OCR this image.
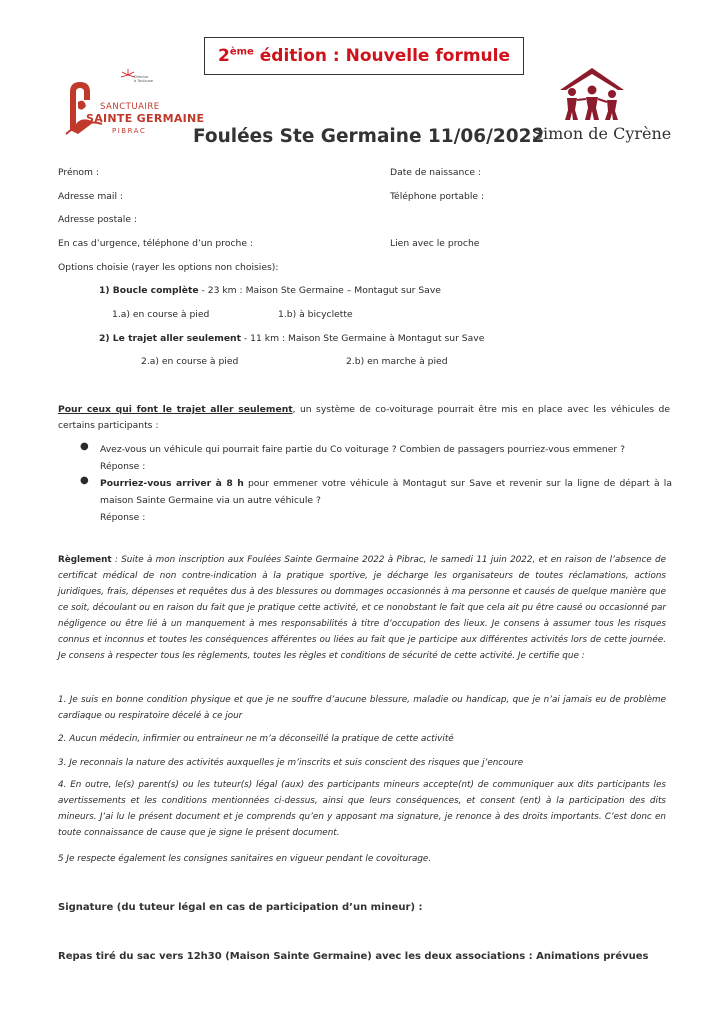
2ème édition : Nouvelle formule
Director
à Toulouse
SANCTUAIRE
SAINTE GERMAINE
PIBRAC	Foulées Ste Germaine 11/06/2022
Simon de Cyrène
Prénom :	Date de naissance :
Adresse mail :	Téléphone portable :
Adresse postale :
En cas d’urgence, téléphone d’un proche :	Lien avec le proche
Options choisie (rayer les options non choisies):
1) Boucle complète - 23 km : Maison Ste Germaine – Montagut sur Save
1.a) en course à pied	1.b) à bicyclette
2) Le trajet aller seulement - 11 km : Maison Ste Germaine à Montagut sur Save
2.a) en course à pied	2.b) en marche à pied
Pour ceux qui font le trajet aller seulement, un système de co-voiturage pourrait être mis en place avec les véhicules de certains participants :
● Avez-vous un véhicule qui pourrait faire partie du Co voiturage ? Combien de passagers pourriez-vous emmener ?
Réponse :
● Pourriez-vous arriver à 8 h pour emmener votre véhicule à Montagut sur Save et revenir sur la ligne de départ à la maison Sainte Germaine via un autre véhicule ?
Réponse :
Règlement : Suite à mon inscription aux Foulées Sainte Germaine 2022 à Pibrac, le samedi 11 juin 2022, et en raison de l’absence de certificat médical de non contre-indication à la pratique sportive, je décharge les organisateurs de toutes réclamations, actions juridiques, frais, dépenses et requêtes dus à des blessures ou dommages occasionnés à ma personne et causés de quelque manière que ce soit, découlant ou en raison du fait que je pratique cette activité, et ce nonobstant le fait que cela ait pu être causé ou occasionné par négligence ou être lié à un manquement à mes responsabilités à titre d’occupation des lieux. Je consens à assumer tous les risques connus et inconnus et toutes les conséquences afférentes ou liées au fait que je participe aux différentes activités lors de cette journée. Je consens à respecter tous les règlements, toutes les règles et conditions de sécurité de cette activité. Je certifie que :
1. Je suis en bonne condition physique et que je ne souffre d’aucune blessure, maladie ou handicap, que je n’ai jamais eu de problème cardiaque ou respiratoire décelé à ce jour
2. Aucun médecin, infirmier ou entraineur ne m’a déconseillé la pratique de cette activité
3. Je reconnais la nature des activités auxquelles je m’inscrits et suis conscient des risques que j’encoure
4. En outre, le(s) parent(s) ou les tuteur(s) légal (aux) des participants mineurs accepte(nt) de communiquer aux dits participants les avertissements et les conditions mentionnées ci-dessus, ainsi que leurs conséquences, et consent (ent) à la participation des dits mineurs. J’ai lu le présent document et je comprends qu’en y apposant ma signature, je renonce à des droits importants. C’est donc en toute connaissance de cause que je signe le présent document.
5 Je respecte également les consignes sanitaires en vigueur pendant le covoiturage.
Signature (du tuteur légal en cas de participation d’un mineur) :
Repas tiré du sac vers 12h30 (Maison Sainte Germaine) avec les deux associations : Animations prévues
